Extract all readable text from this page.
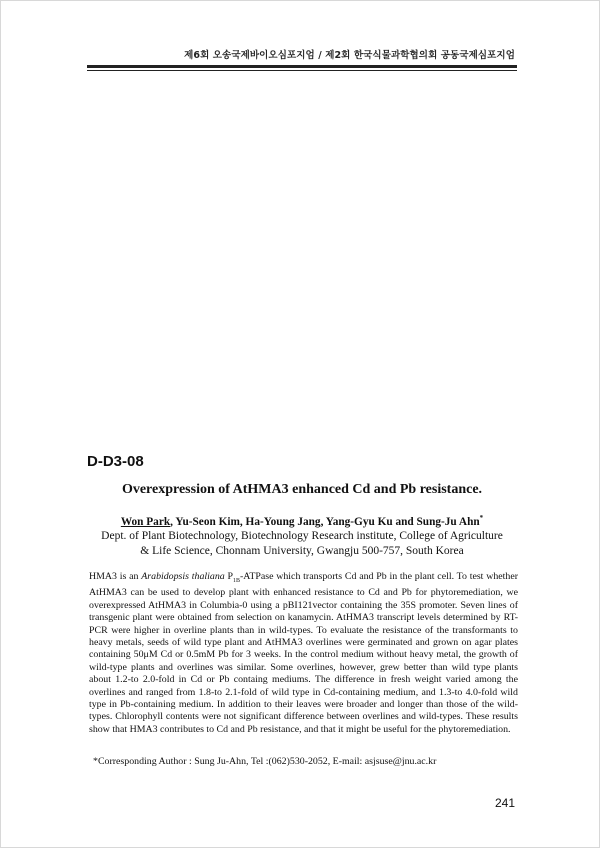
제6회 오송국제바이오심포지엄 / 제2회 한국식물과학협의회 공동국제심포지엄
D-D3-08
Overexpression of AtHMA3 enhanced Cd and Pb resistance.
Won Park, Yu-Seon Kim, Ha-Young Jang, Yang-Gyu Ku and Sung-Ju Ahn*
Dept. of Plant Biotechnology, Biotechnology Research institute, College of Agriculture
& Life Science, Chonnam University, Gwangju 500-757, South Korea
HMA3 is an Arabidopsis thaliana $P_{1B}$-ATPase which transports Cd and Pb in the plant cell. To test whether AtHMA3 can be used to develop plant with enhanced resistance to Cd and Pb for phytoremediation, we overexpressed AtHMA3 in Columbia-0 using a pBI121vector containing the 35S promoter. Seven lines of transgenic plant were obtained from selection on kanamycin. AtHMA3 transcript levels determined by RT-PCR were higher in overline plants than in wild-types. To evaluate the resistance of the transformants to heavy metals, seeds of wild type plant and AtHMA3 overlines were germinated and grown on agar plates containing 50μM Cd or 0.5mM Pb for 3 weeks. In the control medium without heavy metal, the growth of wild-type plants and overlines was similar. Some overlines, however, grew better than wild type plants about 1.2-to 2.0-fold in Cd or Pb containg mediums. The difference in fresh weight varied among the overlines and ranged from 1.8-to 2.1-fold of wild type in Cd-containing medium, and 1.3-to 4.0-fold wild type in Pb-containing medium. In addition to their leaves were broader and longer than those of the wild-types. Chlorophyll contents were not significant difference between overlines and wild-types. These results show that HMA3 contributes to Cd and Pb resistance, and that it might be useful for the phytoremediation.
*Corresponding Author : Sung Ju-Ahn, Tel :(062)530-2052, E-mail: asjsuse@jnu.ac.kr
241
